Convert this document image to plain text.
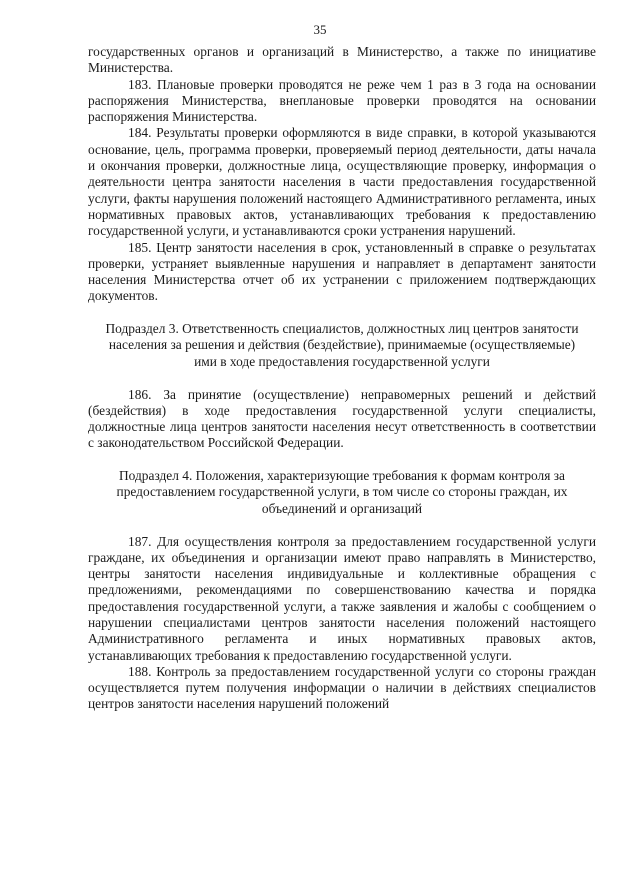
35

государственных органов и организаций в Министерство, а также по инициативе Министерства.

183. Плановые проверки проводятся не реже чем 1 раз в 3 года на основании распоряжения Министерства, внеплановые проверки проводятся на основании распоряжения Министерства.

184. Результаты проверки оформляются в виде справки, в которой указываются основание, цель, программа проверки, проверяемый период деятельности, даты начала и окончания проверки, должностные лица, осуществляющие проверку, информация о деятельности центра занятости населения в части предоставления государственной услуги, факты нарушения положений настоящего Административного регламента, иных нормативных правовых актов, устанавливающих требования к предоставлению государственной услуги, и устанавливаются сроки устранения нарушений.

185. Центр занятости населения в срок, установленный в справке о результатах проверки, устраняет выявленные нарушения и направляет в департамент занятости населения Министерства отчет об их устранении с приложением подтверждающих документов.

Подраздел 3. Ответственность специалистов, должностных лиц центров занятости населения за решения и действия (бездействие), принимаемые (осуществляемые) ими в ходе предоставления государственной услуги

186. За принятие (осуществление) неправомерных решений и действий (бездействия) в ходе предоставления государственной услуги специалисты, должностные лица центров занятости населения несут ответственность в соответствии с законодательством Российской Федерации.

Подраздел 4. Положения, характеризующие требования к формам контроля за предоставлением государственной услуги, в том числе со стороны граждан, их объединений и организаций

187. Для осуществления контроля за предоставлением государственной услуги граждане, их объединения и организации имеют право направлять в Министерство, центры занятости населения индивидуальные и коллективные обращения с предложениями, рекомендациями по совершенствованию качества и порядка предоставления государственной услуги, а также заявления и жалобы с сообщением о нарушении специалистами центров занятости населения положений настоящего Административного регламента и иных нормативных правовых актов, устанавливающих требования к предоставлению государственной услуги.

188. Контроль за предоставлением государственной услуги со стороны граждан осуществляется путем получения информации о наличии в действиях специалистов центров занятости населения нарушений положений
